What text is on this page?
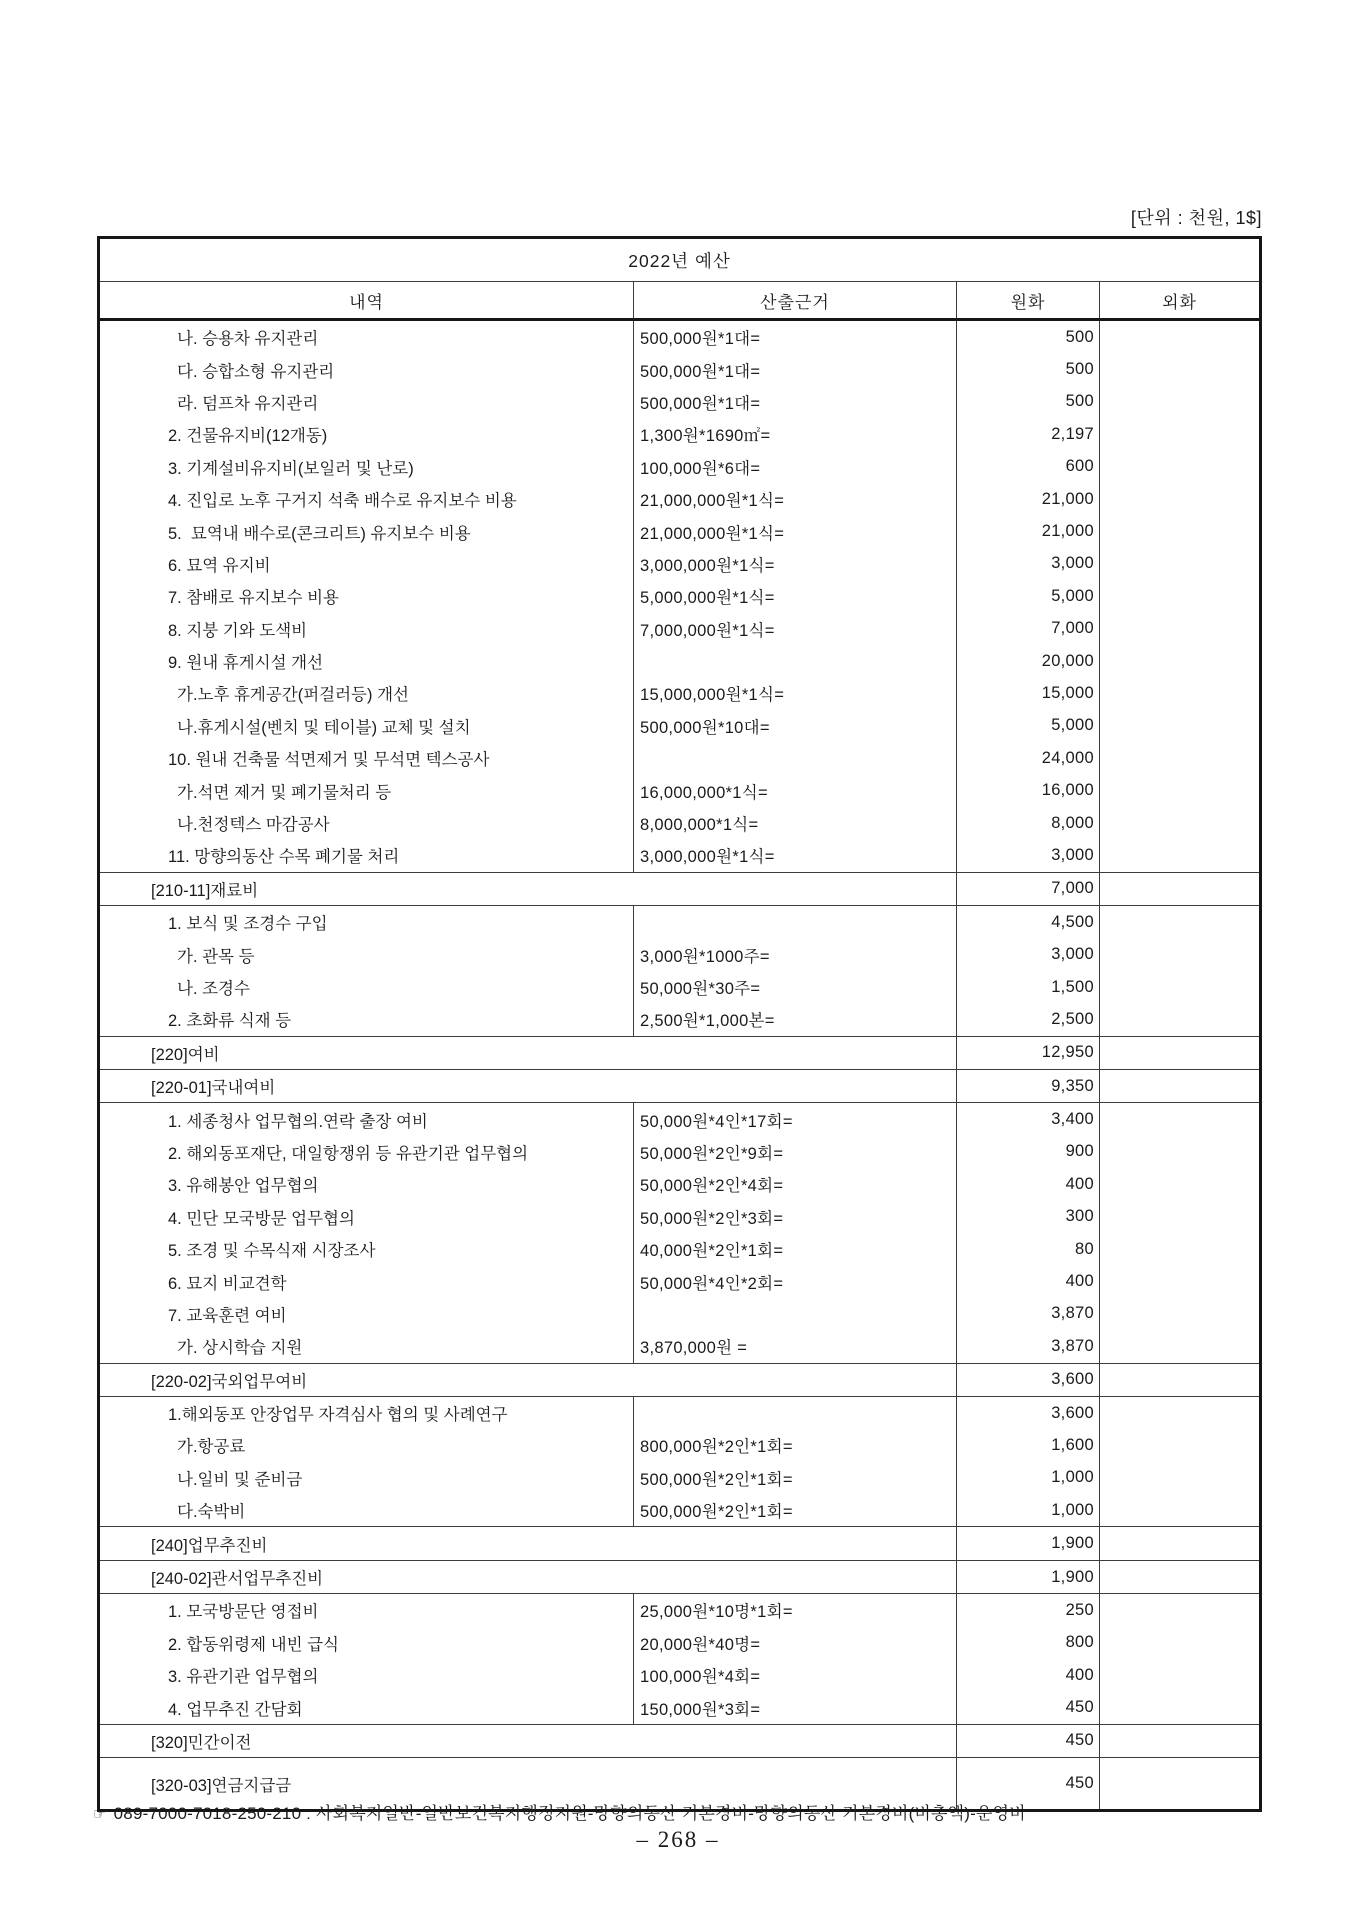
[단위 : 천원, 1$]
2022년 예산			
내역	산출근거	원화	외화
나. 승용차 유지관리	500,000원*1대=	500	
다. 승합소형 유지관리	500,000원*1대=	500	
라. 덤프차 유지관리	500,000원*1대=	500	
2. 건물유지비(12개동)	1,300원*1690㎡=	2,197	
3. 기계설비유지비(보일러 및 난로)	100,000원*6대=	600	
4. 진입로 노후 구거지 석축 배수로 유지보수 비용	21,000,000원*1식=	21,000	
5.  묘역내 배수로(콘크리트) 유지보수 비용	21,000,000원*1식=	21,000	
6. 묘역 유지비	3,000,000원*1식=	3,000	
7. 참배로 유지보수 비용	5,000,000원*1식=	5,000	
8. 지붕 기와 도색비	7,000,000원*1식=	7,000	
9. 원내 휴게시설 개선		20,000	
가.노후 휴게공간(퍼걸러등) 개선	15,000,000원*1식=	15,000	
나.휴게시설(벤치 및 테이블) 교체 및 설치	500,000원*10대=	5,000	
10. 원내 건축물 석면제거 및 무석면 텍스공사		24,000	
가.석면 제거 및 폐기물처리 등	16,000,000*1식=	16,000	
나.천정텍스 마감공사	8,000,000*1식=	8,000	
11. 망향의동산 수목 폐기물 처리	3,000,000원*1식=	3,000	
[210-11]재료비		7,000	
1. 보식 및 조경수 구입		4,500	
가. 관목 등	3,000원*1000주=	3,000	
나. 조경수	50,000원*30주=	1,500	
2. 초화류 식재 등	2,500원*1,000본=	2,500	
[220]여비		12,950	
[220-01]국내여비		9,350	
1. 세종청사 업무협의.연락 출장 여비	50,000원*4인*17회=	3,400	
2. 해외동포재단, 대일항쟁위 등 유관기관 업무협의	50,000원*2인*9회=	900	
3. 유해봉안 업무협의	50,000원*2인*4회=	400	
4. 민단 모국방문 업무협의	50,000원*2인*3회=	300	
5. 조경 및 수목식재 시장조사	40,000원*2인*1회=	80	
6. 묘지 비교견학	50,000원*4인*2회=	400	
7. 교육훈련 여비		3,870	
가. 상시학습 지원	3,870,000원 =	3,870	
[220-02]국외업무여비		3,600	
1.해외동포 안장업무 자격심사 협의 및 사례연구		3,600	
가.항공료	800,000원*2인*1회=	1,600	
나.일비 및 준비금	500,000원*2인*1회=	1,000	
다.숙박비	500,000원*2인*1회=	1,000	
[240]업무추진비		1,900	
[240-02]관서업무추진비		1,900	
1. 모국방문단 영접비	25,000원*10명*1회=	250	
2. 합동위령제 내빈 급식	20,000원*40명=	800	
3. 유관기관 업무협의	100,000원*4회=	400	
4. 업무추진 간담회	150,000원*3회=	450	
[320]민간이전		450	
[320-03]연금지급금		450	
☞ 089-7000-7018-250-210 : 사회복지일반-일반보건복지행정지원-망향의동산 기본경비-망향의동산 기본경비(비총액)-운영비
– 268 –
